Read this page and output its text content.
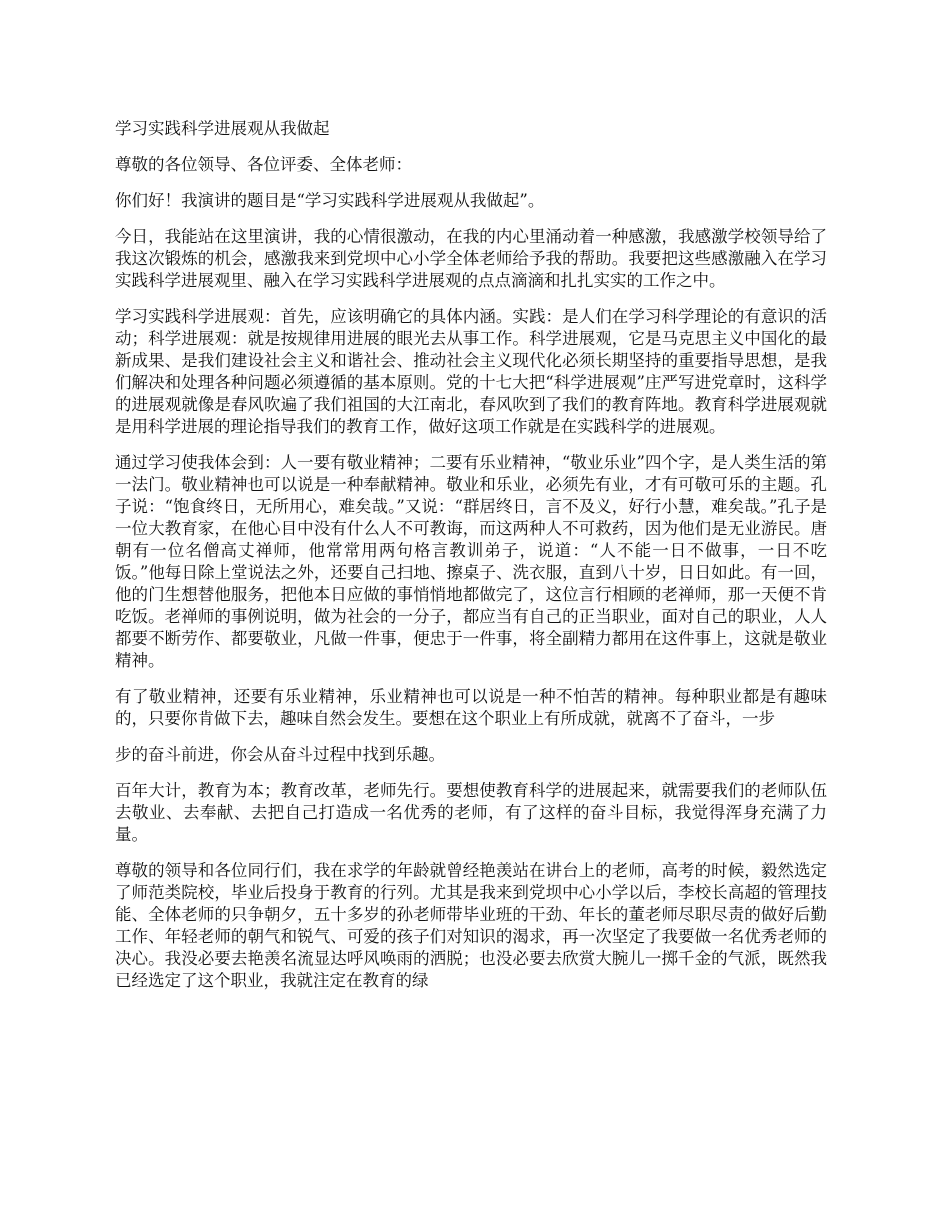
学习实践科学进展观从我做起

尊敬的各位领导、各位评委、全体老师：

你们好！我演讲的题目是“学习实践科学进展观从我做起”。

今日，我能站在这里演讲，我的心情很激动，在我的内心里涌动着一种感激，我感激学校领导给了我这次锻炼的机会，感激我来到党坝中心小学全体老师给予我的帮助。我要把这些感激融入在学习实践科学进展观里、融入在学习实践科学进展观的点点滴滴和扎扎实实的工作之中。

学习实践科学进展观：首先，应该明确它的具体内涵。实践：是人们在学习科学理论的有意识的活动；科学进展观：就是按规律用进展的眼光去从事工作。科学进展观，它是马克思主义中国化的最新成果、是我们建设社会主义和谐社会、推动社会主义现代化必须长期坚持的重要指导思想，是我们解决和处理各种问题必须遵循的基本原则。党的十七大把“科学进展观”庄严写进党章时，这科学的进展观就像是春风吹遍了我们祖国的大江南北，春风吹到了我们的教育阵地。教育科学进展观就是用科学进展的理论指导我们的教育工作，做好这项工作就是在实践科学的进展观。

通过学习使我体会到：人一要有敬业精神；二要有乐业精神，“敬业乐业”四个字，是人类生活的第一法门。敬业精神也可以说是一种奉献精神。敬业和乐业，必须先有业，才有可敬可乐的主题。孔子说：“饱食终日，无所用心，难矣哉。”又说：“群居终日，言不及义，好行小慧，难矣哉。”孔子是一位大教育家，在他心目中没有什么人不可教诲，而这两种人不可救药，因为他们是无业游民。唐朝有一位名僧高丈禅师，他常常用两句格言教训弟子，说道：“人不能一日不做事，一日不吃饭。”他每日除上堂说法之外，还要自己扫地、擦桌子、洗衣服，直到八十岁，日日如此。有一回，他的门生想替他服务，把他本日应做的事悄悄地都做完了，这位言行相顾的老禅师，那一天便不肯吃饭。老禅师的事例说明，做为社会的一分子，都应当有自己的正当职业，面对自己的职业，人人都要不断劳作、都要敬业，凡做一件事，便忠于一件事，将全副精力都用在这件事上，这就是敬业精神。

有了敬业精神，还要有乐业精神，乐业精神也可以说是一种不怕苦的精神。每种职业都是有趣味的，只要你肯做下去，趣味自然会发生。要想在这个职业上有所成就，就离不了奋斗，一步

步的奋斗前进，你会从奋斗过程中找到乐趣。

百年大计，教育为本；教育改革，老师先行。要想使教育科学的进展起来，就需要我们的老师队伍去敬业、去奉献、去把自己打造成一名优秀的老师，有了这样的奋斗目标，我觉得浑身充满了力量。

尊敬的领导和各位同行们，我在求学的年龄就曾经艳羡站在讲台上的老师，高考的时候，毅然选定了师范类院校，毕业后投身于教育的行列。尤其是我来到党坝中心小学以后，李校长高超的管理技能、全体老师的只争朝夕，五十多岁的孙老师带毕业班的干劲、年长的董老师尽职尽责的做好后勤工作、年轻老师的朝气和锐气、可爱的孩子们对知识的渴求，再一次坚定了我要做一名优秀老师的决心。我没必要去艳羡名流显达呼风唤雨的洒脱；也没必要去欣赏大腕儿一掷千金的气派，既然我已经选定了这个职业，我就注定在教育的绿
